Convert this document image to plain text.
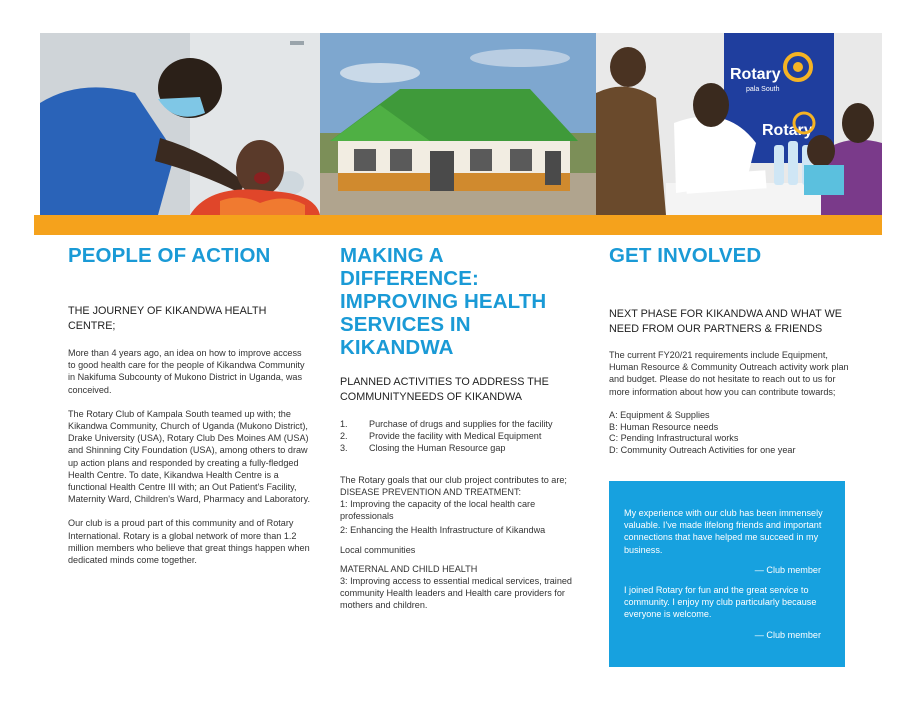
Rotary
pala South
Rotary
PEOPLE OF ACTION
THE JOURNEY OF KIKANDWA HEALTH CENTRE;
More than 4 years ago, an idea on how to improve access to good health care for the people of Kikandwa Community in Nakifuma Subcounty of Mukono District in Uganda, was conceived.
The Rotary Club of Kampala South teamed up with; the Kikandwa Community, Church of Uganda (Mukono District), Drake University (USA), Rotary Club Des Moines AM (USA) and Shinning City Foundation (USA), among others to draw up action plans and responded by creating a fully-fledged Health Centre. To date, Kikandwa Health Centre is a functional Health Centre III with; an Out Patient's Facility, Maternity Ward, Children's Ward, Pharmacy and Laboratory.
Our club is a proud part of this community and of Rotary International. Rotary is a global network of more than 1.2 million members who believe that great things happen when dedicated minds come together.
MAKING A DIFFERENCE: IMPROVING HEALTH SERVICES IN KIKANDWA
PLANNED ACTIVITIES TO ADDRESS THE COMMUNITYNEEDS OF KIKANDWA
1.	Purchase of drugs and supplies for the facility
2.	Provide the facility with Medical Equipment
3.	Closing the Human Resource gap
The Rotary goals that our club project contributes to are;
DISEASE PREVENTION AND TREATMENT:
1: Improving the capacity of the local health care professionals
2: Enhancing the Health Infrastructure of Kikandwa
Local communities
MATERNAL AND CHILD HEALTH
3: Improving access to essential medical services, trained community Health leaders and Health care providers for mothers and children.
GET INVOLVED
NEXT PHASE FOR KIKANDWA AND WHAT WE NEED FROM OUR PARTNERS & FRIENDS
The current FY20/21 requirements include Equipment, Human Resource & Community Outreach activity work plan and budget. Please do not hesitate to reach out to us for more information about how you can contribute towards;
A: Equipment & Supplies
B: Human Resource needs
C: Pending Infrastructural works
D: Community Outreach Activities for one year
My experience with our club has been immensely valuable. I've made lifelong friends and important connections that have helped me succeed in my business.
— Club member
I joined Rotary for fun and the great service to community. I enjoy my club particularly because everyone is welcome.
— Club member
